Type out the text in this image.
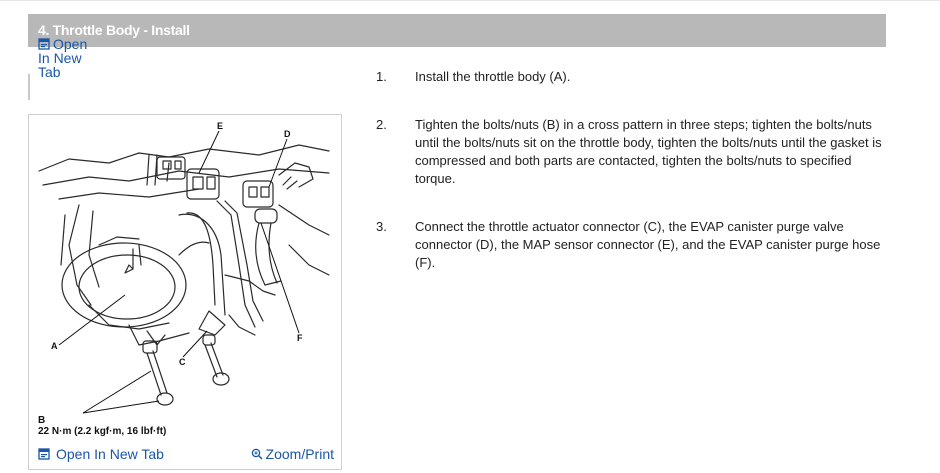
4. Throttle Body - Install
Open In New Tab
E
D
A
F
C
B
22 N·m (2.2 kgf·m, 16 lbf·ft)
Open In New Tab	Zoom/Print
1. Install the throttle body (A).
2. Tighten the bolts/nuts (B) in a cross pattern in three steps; tighten the bolts/nuts until the bolts/nuts sit on the throttle body, tighten the bolts/nuts until the gasket is compressed and both parts are contacted, tighten the bolts/nuts to specified torque.
3. Connect the throttle actuator connector (C), the EVAP canister purge valve connector (D), the MAP sensor connector (E), and the EVAP canister purge hose (F).
